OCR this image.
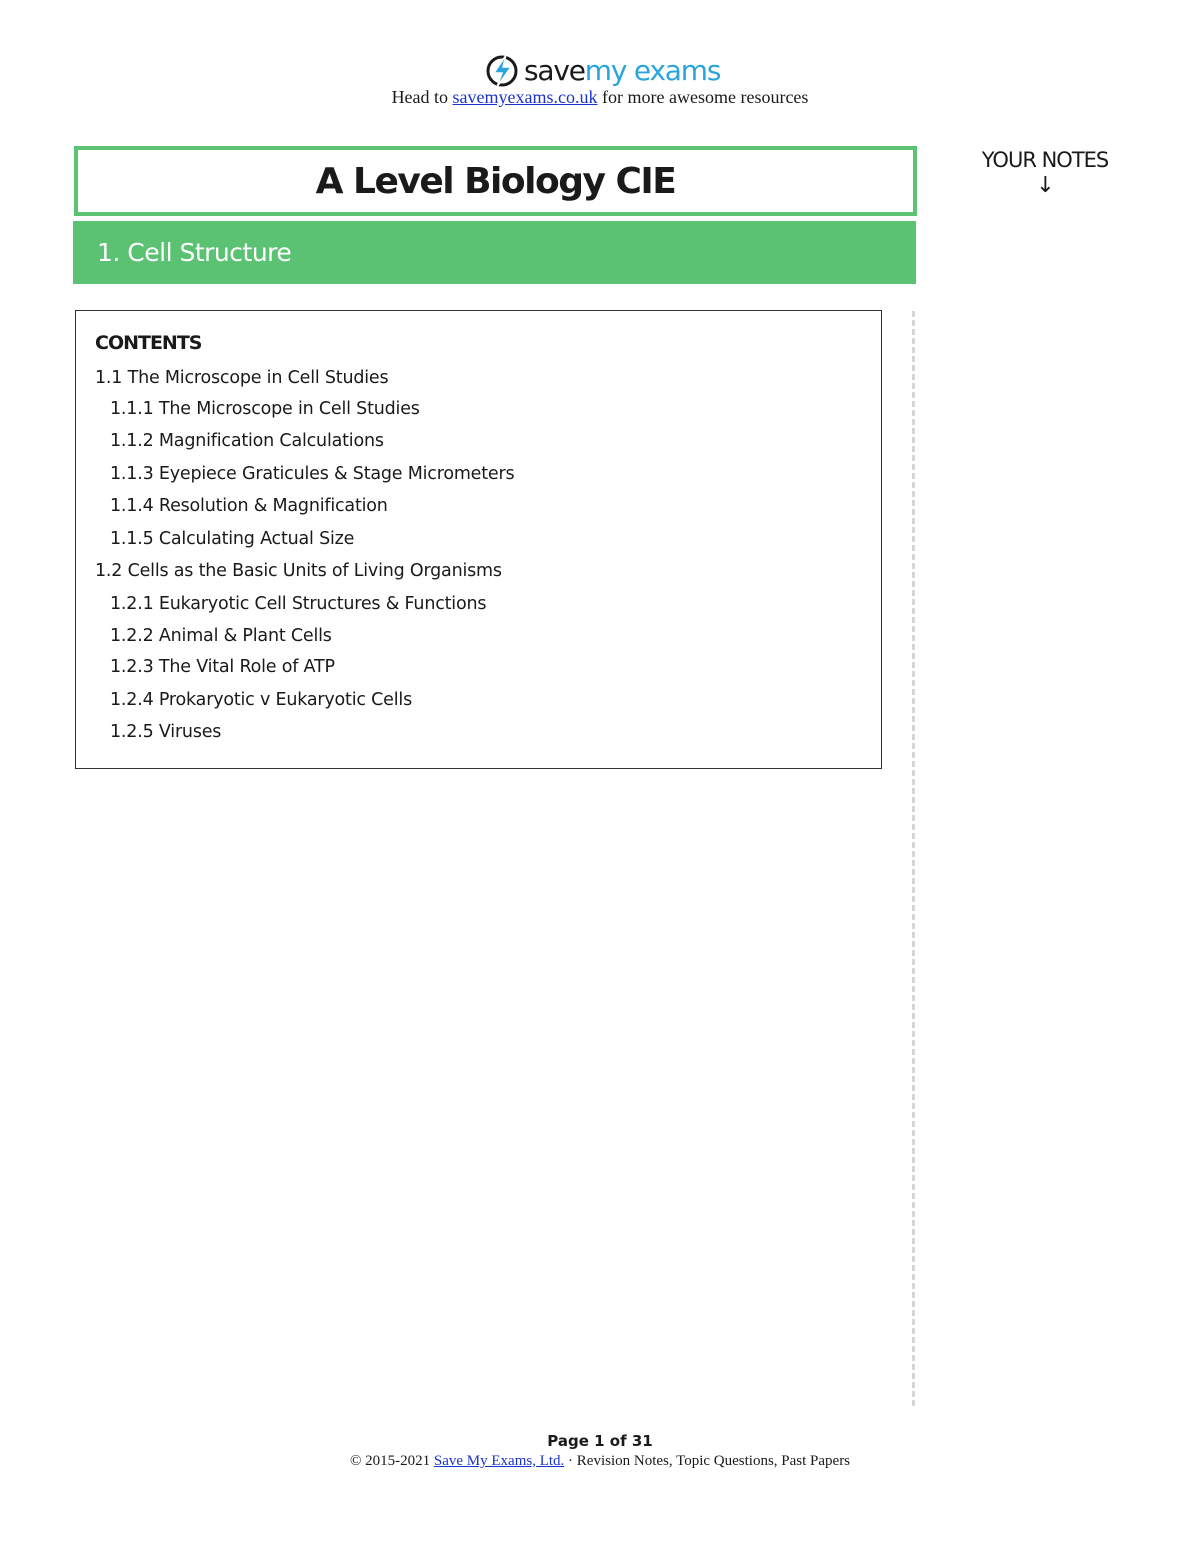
savemy exams
Head to savemyexams.co.uk for more awesome resources
A Level Biology CIE
1. Cell Structure
YOUR NOTES
↓
CONTENTS
1.1 The Microscope in Cell Studies
1.1.1 The Microscope in Cell Studies
1.1.2 Magnification Calculations
1.1.3 Eyepiece Graticules & Stage Micrometers
1.1.4 Resolution & Magnification
1.1.5 Calculating Actual Size
1.2 Cells as the Basic Units of Living Organisms
1.2.1 Eukaryotic Cell Structures & Functions
1.2.2 Animal & Plant Cells
1.2.3 The Vital Role of ATP
1.2.4 Prokaryotic v Eukaryotic Cells
1.2.5 Viruses
Page 1 of 31
© 2015-2021 Save My Exams, Ltd. · Revision Notes, Topic Questions, Past Papers
